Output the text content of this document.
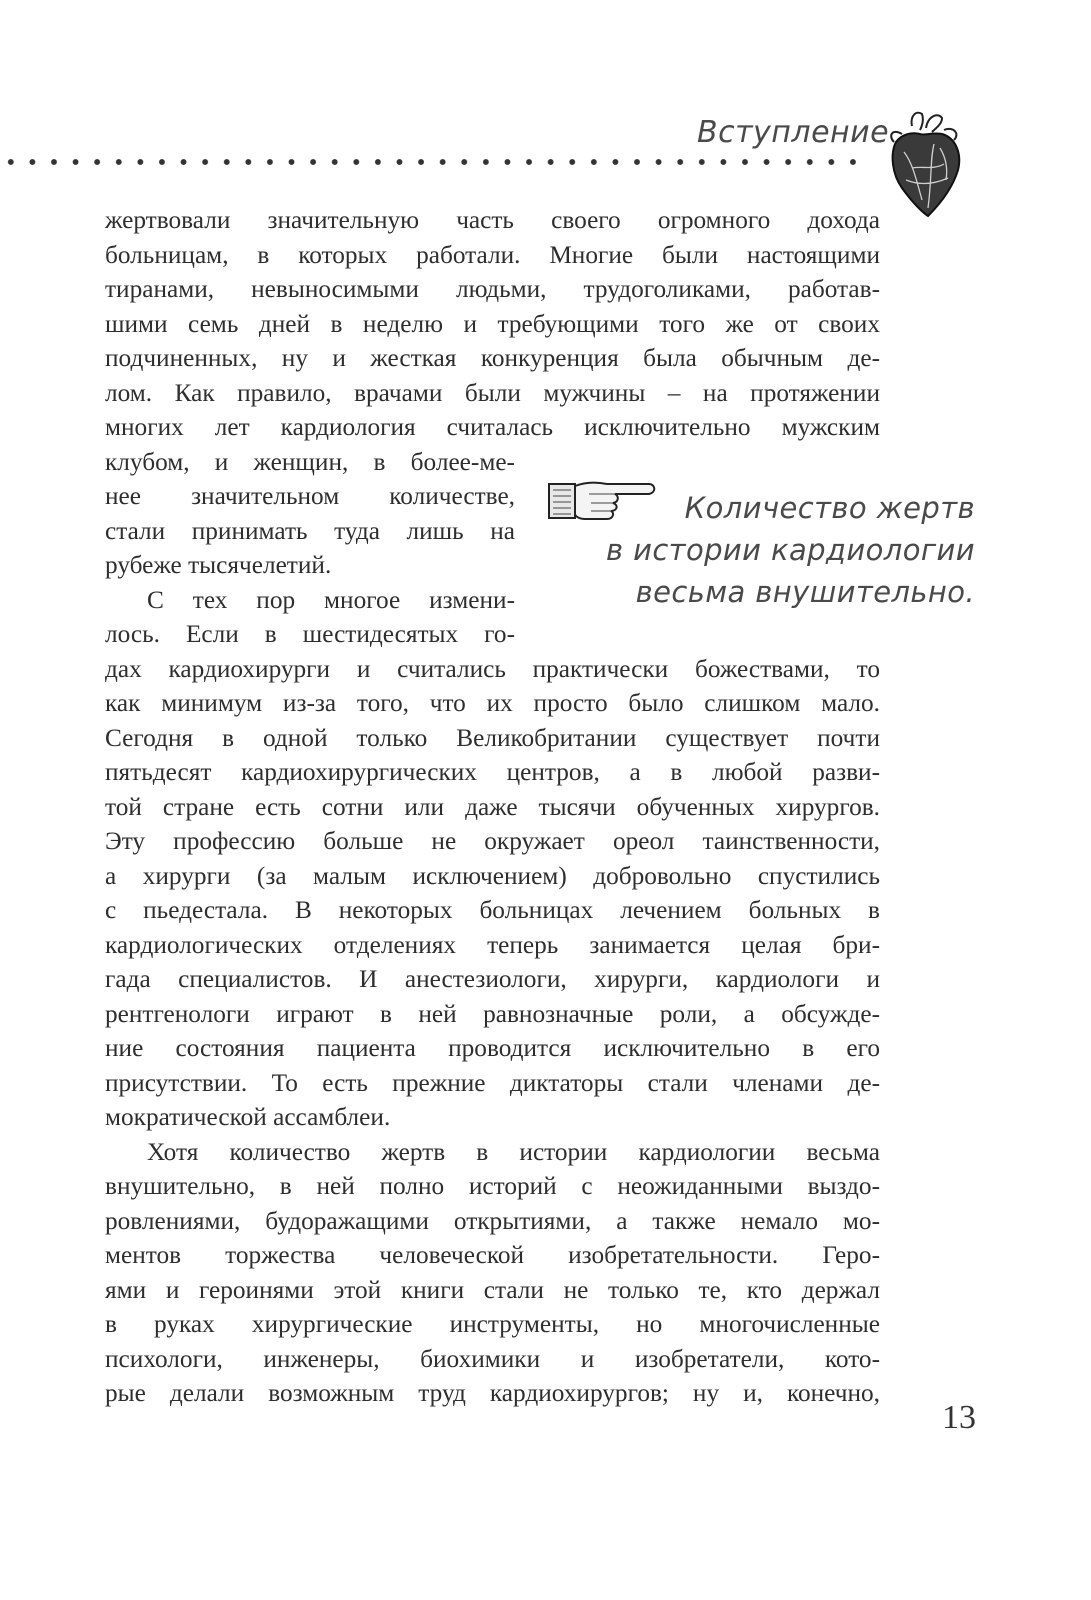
Вступление

жертвовали значительную часть своего огромного дохода

больницам, в которых работали. Многие были настоящими

тиранами, невыносимыми людьми, трудоголиками, работав-

шими семь дней в неделю и требующими того же от своих

подчиненных, ну и жесткая конкуренция была обычным де-

лом. Как правило, врачами были мужчины – на протяжении

многих лет кардиология считалась исключительно мужским

клубом, и женщин, в более-ме-

нее значительном количестве,

стали принимать туда лишь на

рубеже тысячелетий.

С тех пор многое измени-

лось. Если в шестидесятых го-

дах кардиохирурги и считались практически божествами, то

как минимум из-за того, что их просто было слишком мало.

Сегодня в одной только Великобритании существует почти

пятьдесят кардиохирургических центров, а в любой разви-

той стране есть сотни или даже тысячи обученных хирургов.

Эту профессию больше не окружает ореол таинственности,

а хирурги (за малым исключением) добровольно спустились

с пьедестала. В некоторых больницах лечением больных в

кардиологических отделениях теперь занимается целая бри-

гада специалистов. И анестезиологи, хирурги, кардиологи и

рентгенологи играют в ней равнозначные роли, а обсужде-

ние состояния пациента проводится исключительно в его

присутствии. То есть прежние диктаторы стали членами де-

мократической ассамблеи.

Хотя количество жертв в истории кардиологии весьма

внушительно, в ней полно историй с неожиданными выздо-

ровлениями, будоражащими открытиями, а также немало мо-

ментов торжества человеческой изобретательности. Геро-

ями и героинями этой книги стали не только те, кто держал

в руках хирургические инструменты, но многочисленные

психологи, инженеры, биохимики и изобретатели, кото-

рые делали возможным труд кардиохирургов; ну и, конечно,

Количество жертв
в истории кардиологии
весьма внушительно.
13
